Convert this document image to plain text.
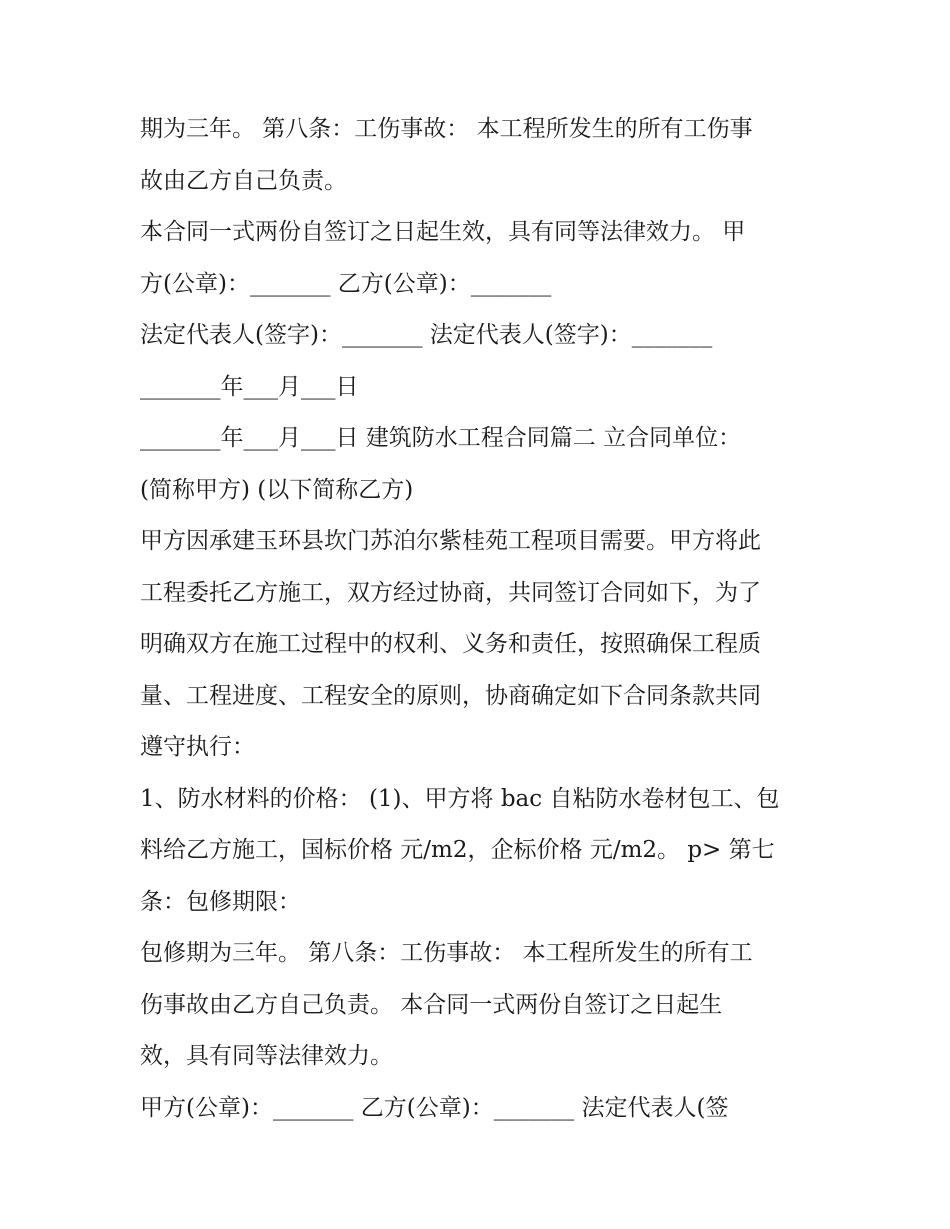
期为三年。 第八条：工伤事故： 本工程所发生的所有工伤事
故由乙方自己负责。
本合同一式两份自签订之日起生效，具有同等法律效力。 甲
方(公章)：_______ 乙方(公章)：_______
法定代表人(签字)：_______ 法定代表人(签字)：_______
_______年___月___日
_______年___月___日 建筑防水工程合同篇二 立合同单位：
(简称甲方) (以下简称乙方)
甲方因承建玉环县坎门苏泊尔紫桂苑工程项目需要。甲方将此
工程委托乙方施工，双方经过协商，共同签订合同如下，为了
明确双方在施工过程中的权利、义务和责任，按照确保工程质
量、工程进度、工程安全的原则，协商确定如下合同条款共同
遵守执行：
1、防水材料的价格： (1)、甲方将 bac 自粘防水卷材包工、包
料给乙方施工，国标价格 元/m2，企标价格 元/m2。 p> 第七
条：包修期限：
包修期为三年。 第八条：工伤事故： 本工程所发生的所有工
伤事故由乙方自己负责。 本合同一式两份自签订之日起生
效，具有同等法律效力。
甲方(公章)：_______ 乙方(公章)：_______ 法定代表人(签
